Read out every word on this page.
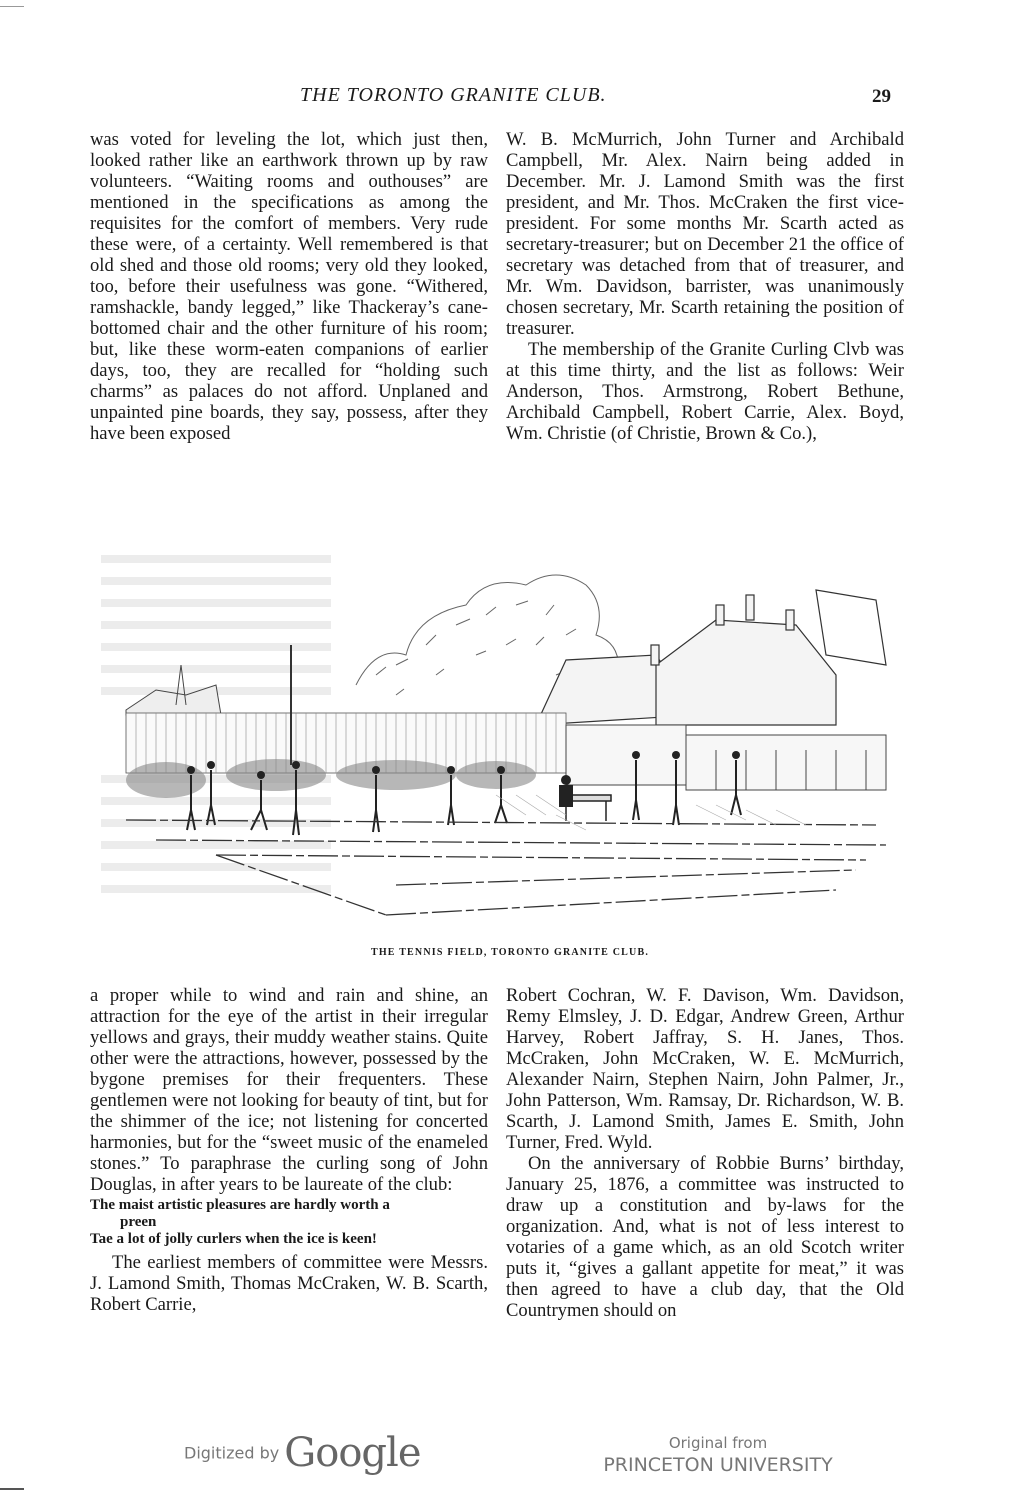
THE TORONTO GRANITE CLUB.	29

was voted for leveling the lot, which just then, looked rather like an earthwork thrown up by raw volunteers. “Waiting rooms and outhouses” are mentioned in the specifications as among the requisites for the comfort of members. Very rude these were, of a certainty. Well remembered is that old shed and those old rooms; very old they looked, too, before their usefulness was gone. “Withered, ramshackle, bandy legged,” like Thackeray’s cane-bottomed chair and the other furniture of his room; but, like these worm-eaten companions of earlier days, too, they are recalled for “holding such charms” as palaces do not afford. Unplaned and unpainted pine boards, they say, possess, after they have been exposed

W. B. McMurrich, John Turner and Archibald Campbell, Mr. Alex. Nairn being added in December. Mr. J. Lamond Smith was the first president, and Mr. Thos. McCraken the first vice-president. For some months Mr. Scarth acted as secretary-treasurer; but on December 21 the office of secretary was detached from that of treasurer, and Mr. Wm. Davidson, barrister, was unanimously chosen secretary, Mr. Scarth retaining the position of treasurer.

The membership of the Granite Curling Clvb was at this time thirty, and the list as follows: Weir Anderson, Thos. Armstrong, Robert Bethune, Archibald Campbell, Robert Carrie, Alex. Boyd, Wm. Christie (of Christie, Brown & Co.),

THE TENNIS FIELD, TORONTO GRANITE CLUB.

a proper while to wind and rain and shine, an attraction for the eye of the artist in their irregular yellows and grays, their muddy weather stains. Quite other were the attractions, however, possessed by the bygone premises for their frequenters. These gentlemen were not looking for beauty of tint, but for the shimmer of the ice; not listening for concerted harmonies, but for the “sweet music of the enameled stones.” To paraphrase the curling song of John Douglas, in after years to be laureate of the club:

The maist artistic pleasures are hardly worth a
preen
Tae a lot of jolly curlers when the ice is keen!

The earliest members of committee were Messrs. J. Lamond Smith, Thomas McCraken, W. B. Scarth, Robert Carrie,

Robert Cochran, W. F. Davison, Wm. Davidson, Remy Elmsley, J. D. Edgar, Andrew Green, Arthur Harvey, Robert Jaffray, S. H. Janes, Thos. McCraken, John McCraken, W. E. McMurrich, Alexander Nairn, Stephen Nairn, John Palmer, Jr., John Patterson, Wm. Ramsay, Dr. Richardson, W. B. Scarth, J. Lamond Smith, James E. Smith, John Turner, Fred. Wyld.

On the anniversary of Robbie Burns’ birthday, January 25, 1876, a committee was instructed to draw up a constitution and by-laws for the organization. And, what is not of less interest to votaries of a game which, as an old Scotch writer puts it, “gives a gallant appetite for meat,” it was then agreed to have a club day, that the Old Countrymen should on

Digitized by Google	Original from
PRINCETON UNIVERSITY
